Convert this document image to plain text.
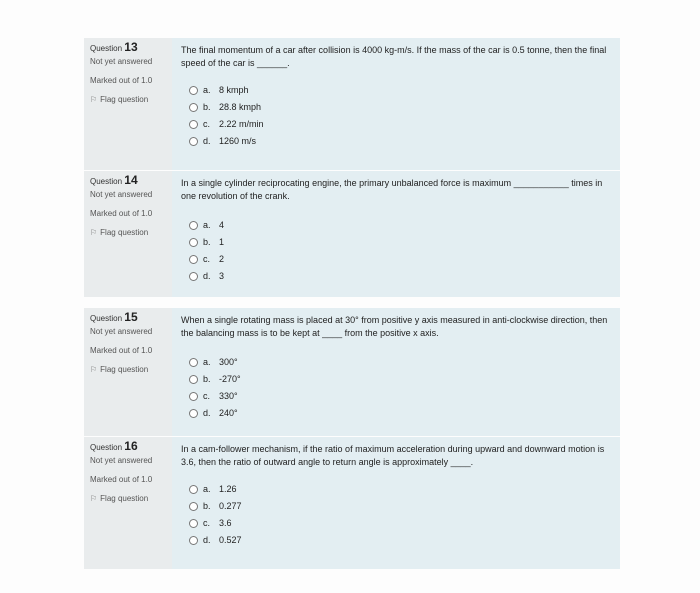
Question 13
Not yet answered
Marked out of 1.0
⚐ Flag question
The final momentum of a car after collision is 4000 kg-m/s. If the mass of the car is 0.5 tonne, then the final speed of the car is ______.
a. 8 kmph
b. 28.8 kmph
c. 2.22 m/min
d. 1260 m/s
Question 14
Not yet answered
Marked out of 1.0
⚐ Flag question
In a single cylinder reciprocating engine, the primary unbalanced force is maximum ___________ times in one revolution of the crank.
a. 4
b. 1
c. 2
d. 3
Question 15
Not yet answered
Marked out of 1.0
⚐ Flag question
When a single rotating mass is placed at 30° from positive y axis measured in anti-clockwise direction, then the balancing mass is to be kept at ____ from the positive x axis.
a. 300°
b. -270°
c. 330°
d. 240°
Question 16
Not yet answered
Marked out of 1.0
⚐ Flag question
In a cam-follower mechanism, if the ratio of maximum acceleration during upward and downward motion is 3.6, then the ratio of outward angle to return angle is approximately ____.
a. 1.26
b. 0.277
c. 3.6
d. 0.527
